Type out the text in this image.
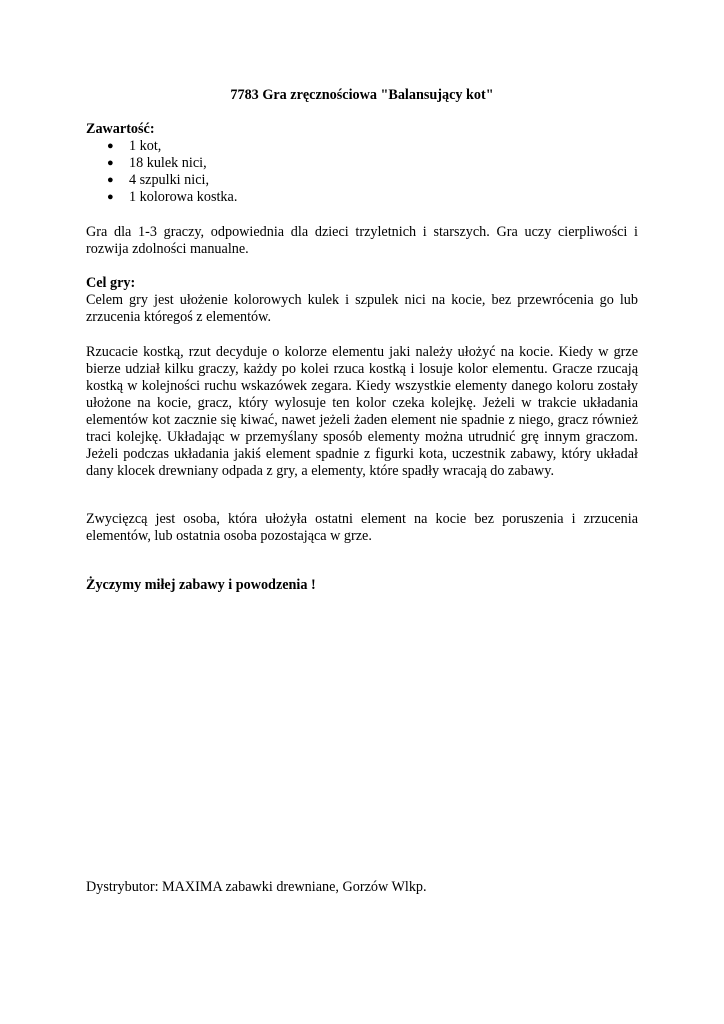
7783 Gra zręcznościowa "Balansujący kot"

Zawartość:

● 1 kot,
● 18 kulek nici,
● 4 szpulki nici,
● 1 kolorowa kostka.

Gra dla 1-3 graczy, odpowiednia dla dzieci trzyletnich i starszych. Gra uczy cierpliwości i rozwija zdolności manualne.

Cel gry:

Celem gry jest ułożenie kolorowych kulek i szpulek nici na kocie, bez przewrócenia go lub zrzucenia któregoś z elementów.

Rzucacie kostką, rzut decyduje o kolorze elementu jaki należy ułożyć na kocie. Kiedy w grze bierze udział kilku graczy, każdy po kolei rzuca kostką i losuje kolor elementu. Gracze rzucają kostką w kolejności ruchu wskazówek zegara. Kiedy wszystkie elementy danego koloru zostały ułożone na kocie, gracz, który wylosuje ten kolor czeka kolejkę. Jeżeli w trakcie układania elementów kot zacznie się kiwać, nawet jeżeli żaden element nie spadnie z niego, gracz również traci kolejkę. Układając w przemyślany sposób elementy można utrudnić grę innym graczom. Jeżeli podczas układania jakiś element spadnie z figurki kota, uczestnik zabawy, który układał dany klocek drewniany odpada z gry, a elementy, które spadły wracają do zabawy.

Zwycięzcą jest osoba, która ułożyła ostatni element na kocie bez poruszenia i zrzucenia elementów, lub ostatnia osoba pozostająca w grze.

Życzymy miłej zabawy i powodzenia !

Dystrybutor: MAXIMA zabawki drewniane, Gorzów Wlkp.
